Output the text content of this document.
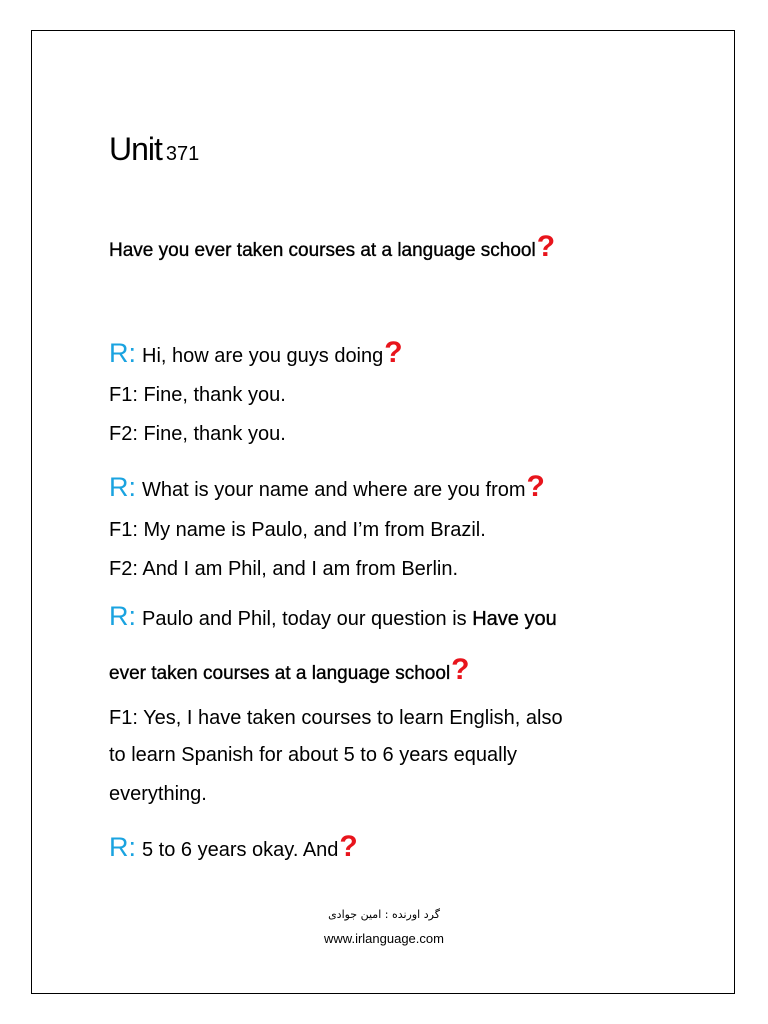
Unit 371
Have you ever taken courses at a language school?
R: Hi, how are you guys doing?
F1: Fine, thank you.
F2: Fine, thank you.
R: What is your name and where are you from?
F1: My name is Paulo, and I’m from Brazil.
F2: And I am Phil, and I am from Berlin.
R: Paulo and Phil, today our question is Have you
ever taken courses at a language school?
F1: Yes, I have taken courses to learn English, also
to learn Spanish for about 5 to 6 years equally
everything.
R: 5 to 6 years okay. And?
گرد اورنده : امین جوادی
www.irlanguage.com
